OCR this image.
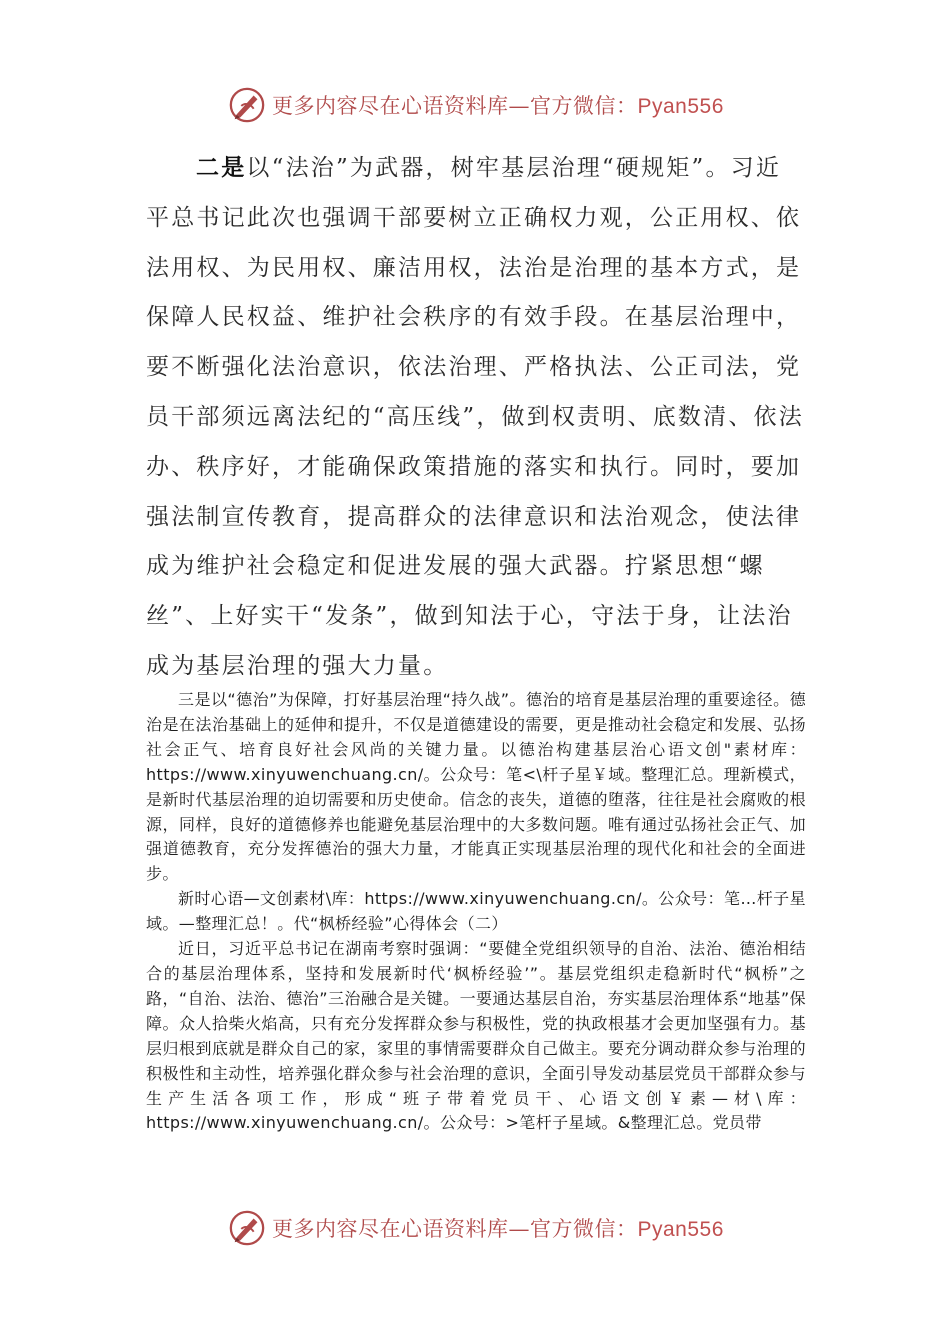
更多内容尽在心语资料库—官方微信：Pyan556

二是以“法治”为武器，树牢基层治理“硬规矩”。习近平总书记此次也强调干部要树立正确权力观，公正用权、依法用权、为民用权、廉洁用权，法治是治理的基本方式，是保障人民权益、维护社会秩序的有效手段。在基层治理中，要不断强化法治意识，依法治理、严格执法、公正司法，党员干部须远离法纪的“高压线”，做到权责明、底数清、依法办、秩序好，才能确保政策措施的落实和执行。同时，要加强法制宣传教育，提高群众的法律意识和法治观念，使法律成为维护社会稳定和促进发展的强大武器。拧紧思想“螺丝”、上好实干“发条”，做到知法于心，守法于身，让法治成为基层治理的强大力量。

三是以“德治”为保障，打好基层治理“持久战”。德治的培育是基层治理的重要途径。德治是在法治基础上的延伸和提升，不仅是道德建设的需要，更是推动社会稳定和发展、弘扬社会正气、培育良好社会风尚的关键力量。以德治构建基层治心语文创"素材库：https://www.xinyuwenchuang.cn/。公众号：笔<\杆子星￥域。整理汇总。理新模式，是新时代基层治理的迫切需要和历史使命。信念的丧失，道德的堕落，往往是社会腐败的根源，同样，良好的道德修养也能避免基层治理中的大多数问题。唯有通过弘扬社会正气、加强道德教育，充分发挥德治的强大力量，才能真正实现基层治理的现代化和社会的全面进步。

新时心语—文创素材\库：https://www.xinyuwenchuang.cn/。公众号：笔…杆子星域。—整理汇总！。代“枫桥经验”心得体会（二）

近日，习近平总书记在湖南考察时强调：“要健全党组织领导的自治、法治、德治相结合的基层治理体系，坚持和发展新时代‘枫桥经验’”。基层党组织走稳新时代“枫桥”之路，“自治、法治、德治”三治融合是关键。一要通达基层自治，夯实基层治理体系“地基”保障。众人拾柴火焰高，只有充分发挥群众参与积极性，党的执政根基才会更加坚强有力。基层归根到底就是群众自己的家，家里的事情需要群众自己做主。要充分调动群众参与治理的积极性和主动性，培养强化群众参与社会治理的意识，全面引导发动基层党员干部群众参与生产生活各项工作，形成“班子带着党员干、心语文创￥素—材\库：https://www.xinyuwenchuang.cn/。公众号：>笔杆子星域。&整理汇总。党员带

更多内容尽在心语资料库—官方微信：Pyan556
